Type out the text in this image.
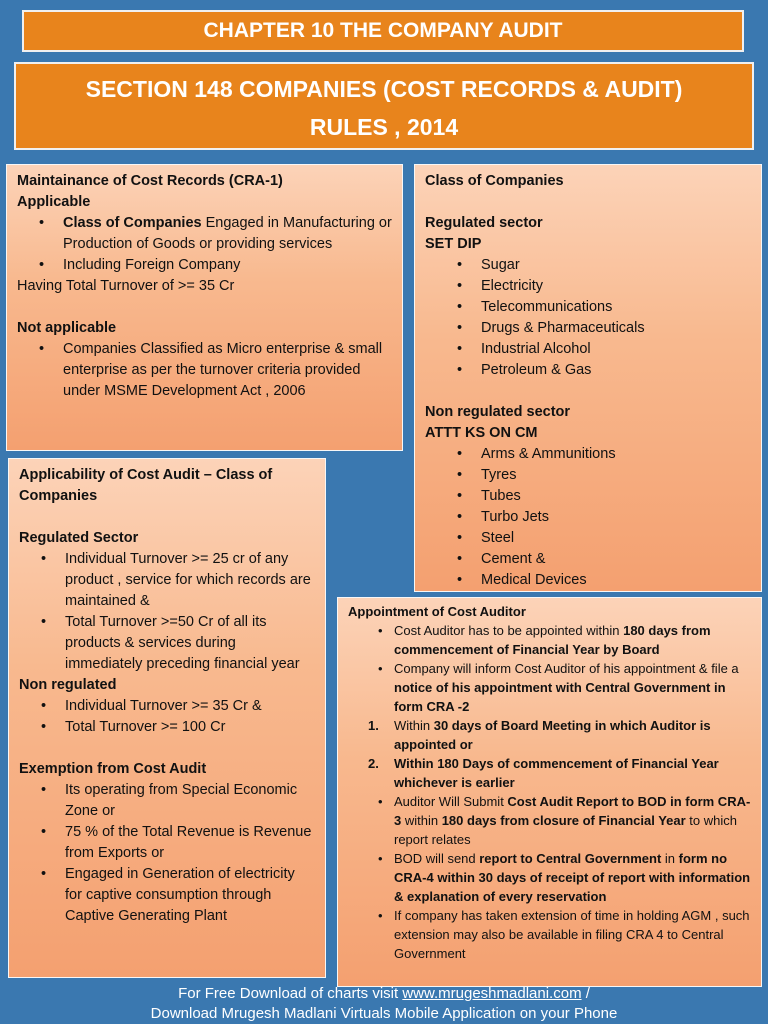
CHAPTER 10 THE COMPANY AUDIT
SECTION 148 COMPANIES (COST RECORDS & AUDIT)
RULES , 2014
Maintainance of Cost Records (CRA-1)
Applicable
• Class of Companies Engaged in Manufacturing or Production of Goods or providing services
• Including Foreign Company
Having Total Turnover of >= 35 Cr
Not applicable
• Companies Classified as Micro enterprise & small enterprise as per the turnover criteria provided under MSME Development Act , 2006
Class of Companies
Regulated sector
SET DIP
• Sugar
• Electricity
• Telecommunications
• Drugs & Pharmaceuticals
• Industrial Alcohol
• Petroleum & Gas
Non regulated sector
ATTT KS ON CM
• Arms & Ammunitions
• Tyres
• Tubes
• Turbo Jets
• Steel
• Cement &
• Medical Devices
Applicability of Cost Audit – Class of Companies
Regulated Sector
• Individual Turnover >= 25 cr of any product , service for which records are maintained &
• Total Turnover >=50 Cr of all its products & services during immediately preceding financial year
Non regulated
• Individual Turnover >= 35 Cr &
• Total Turnover >= 100 Cr
Exemption from Cost Audit
• Its operating from Special Economic Zone or
• 75 % of the Total Revenue is Revenue from Exports or
• Engaged in Generation of electricity for captive consumption through Captive Generating Plant
Appointment of Cost Auditor
• Cost Auditor has to be appointed within 180 days from commencement of Financial Year by Board
• Company will inform Cost Auditor of his appointment & file a notice of his appointment with Central Government in form CRA -2
1. Within 30 days of Board Meeting in which Auditor is appointed or
2. Within 180 Days of commencement of Financial Year whichever is earlier
• Auditor Will Submit Cost Audit Report to BOD in form CRA-3 within 180 days from closure of Financial Year to which report relates
• BOD will send report to Central Government in form no CRA-4 within 30 days of receipt of report with information & explanation of every reservation
• If company has taken extension of time in holding AGM , such extension may also be available in filing CRA 4 to Central Government
For Free Download of charts visit www.mrugeshmadlani.com /
Download Mrugesh Madlani Virtuals Mobile Application on your Phone
